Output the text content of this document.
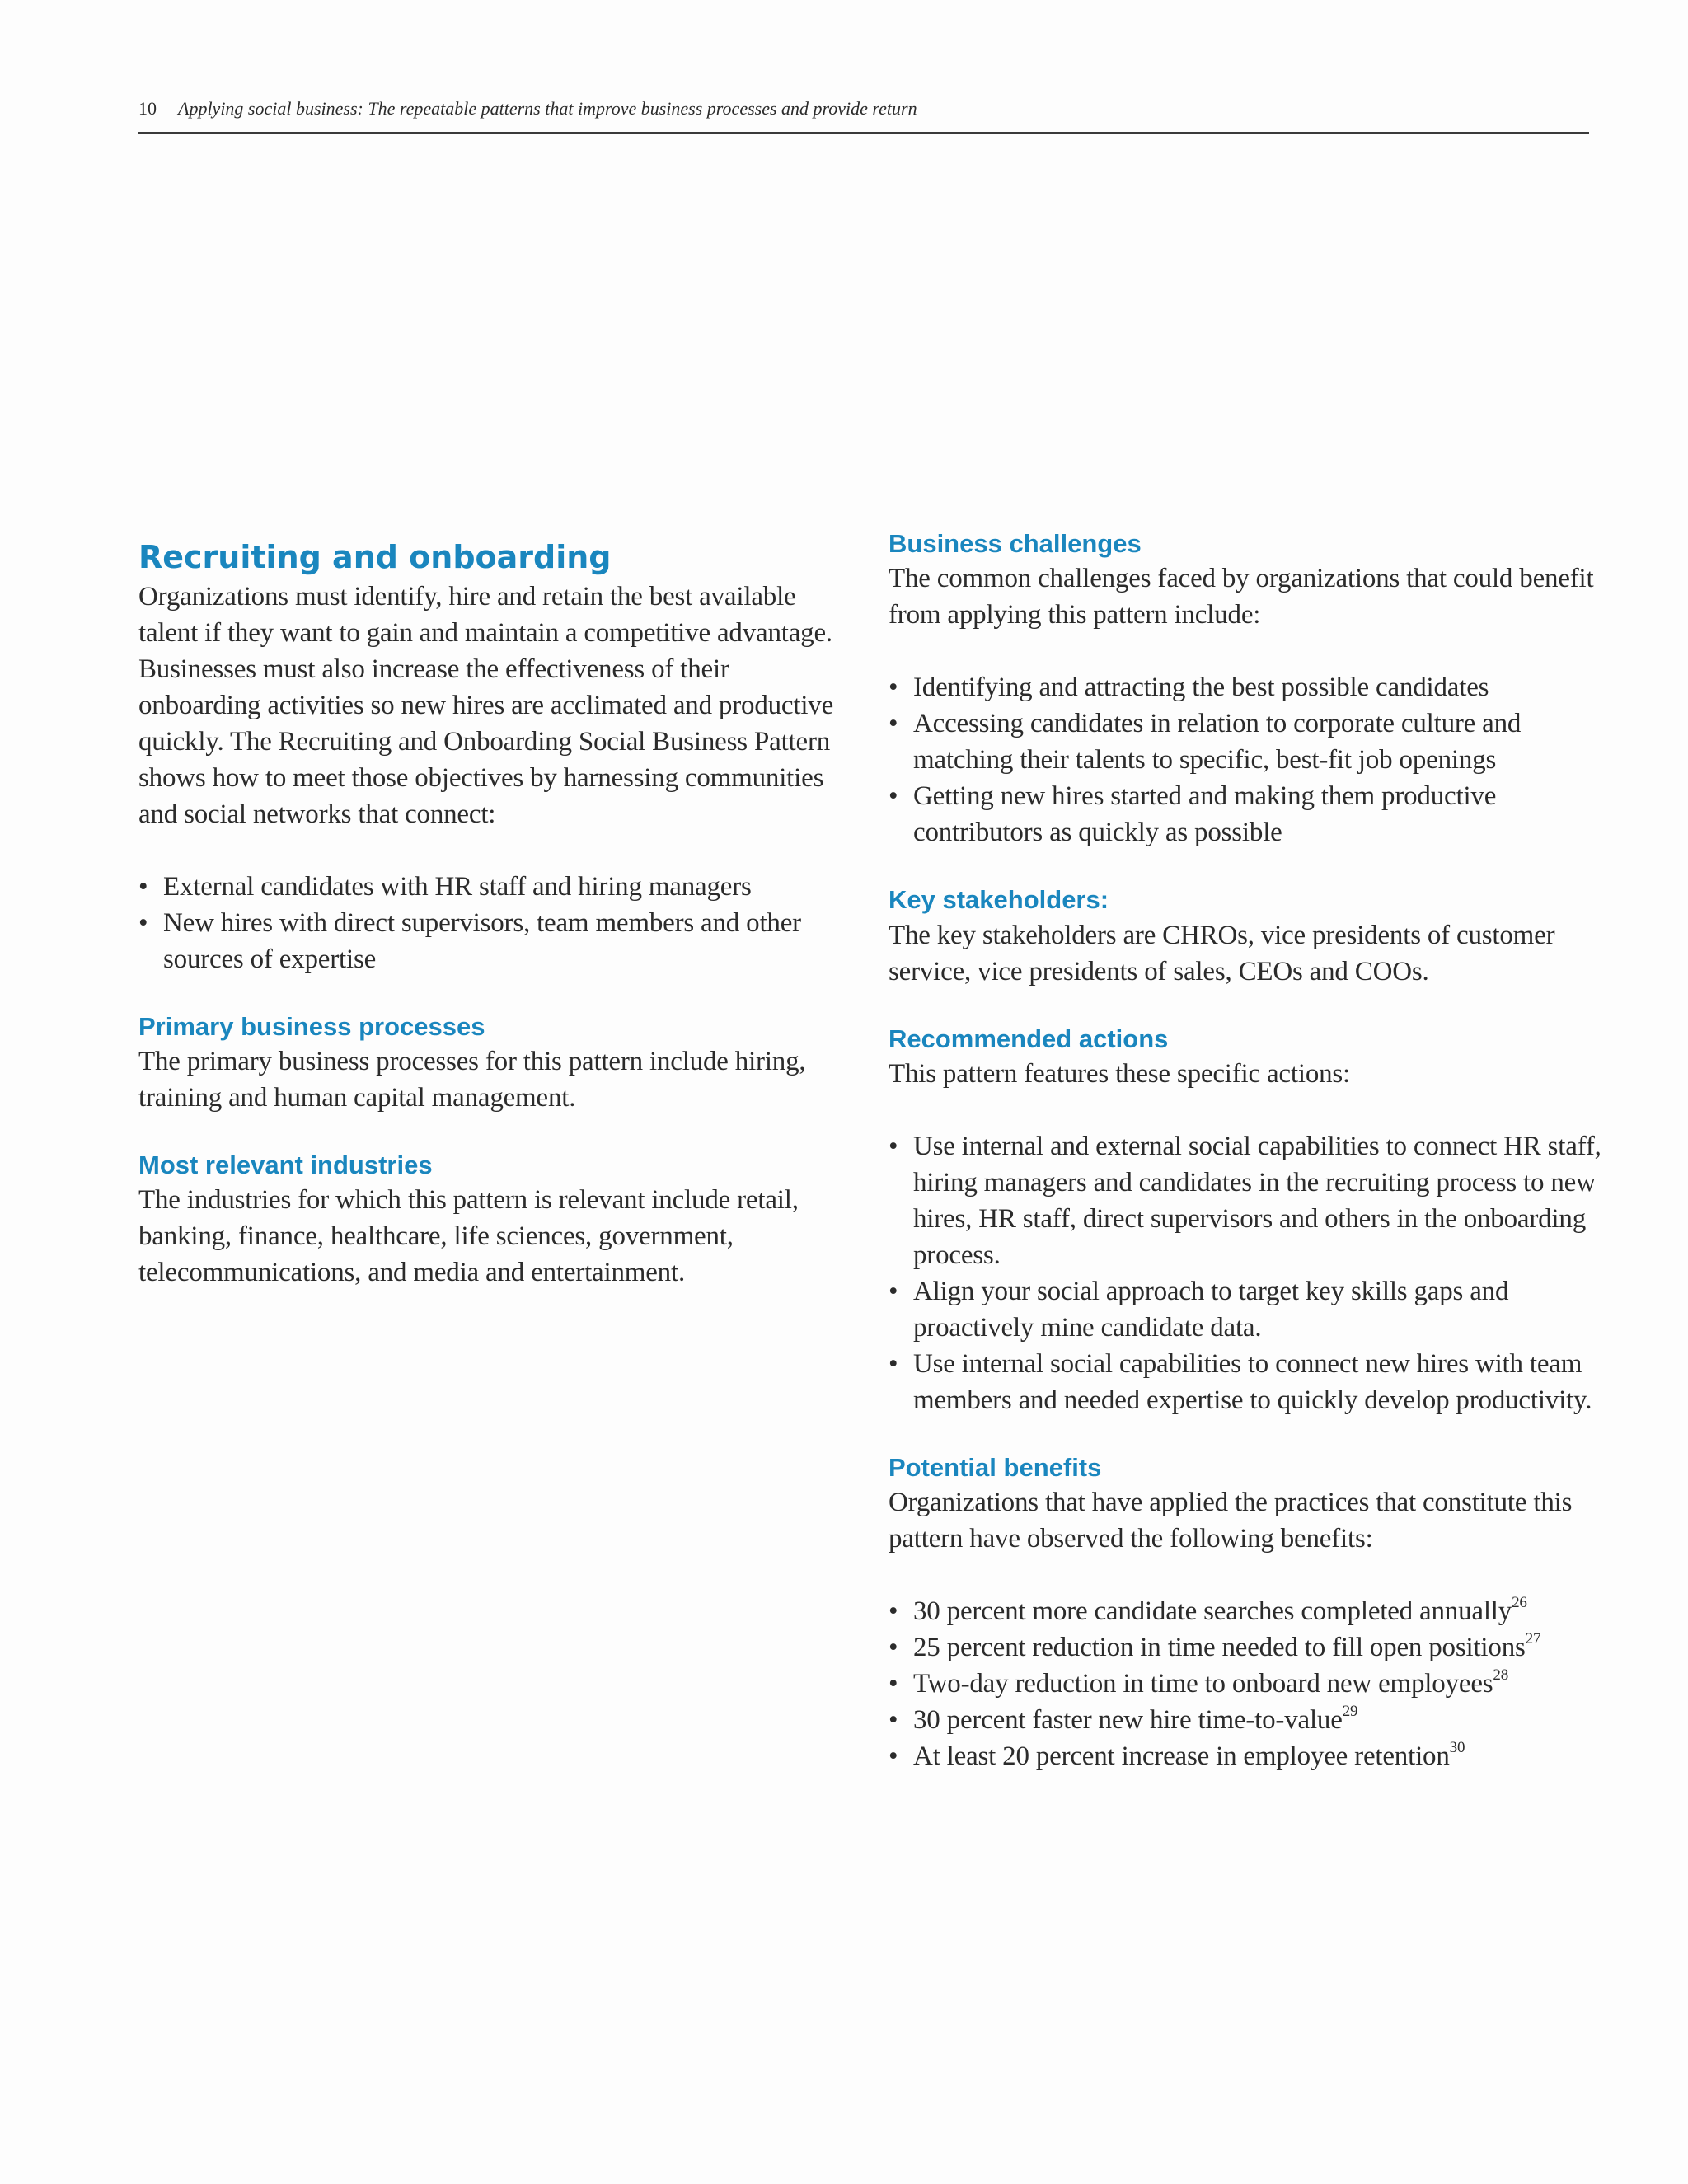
10 Applying social business: The repeatable patterns that improve business processes and provide return
Recruiting and onboarding

Organizations must identify, hire and retain the best available talent if they want to gain and maintain a competitive advantage. Businesses must also increase the effectiveness of their onboarding activities so new hires are acclimated and productive quickly. The Recruiting and Onboarding Social Business Pattern shows how to meet those objectives by harnessing communities and social networks that connect:

• External candidates with HR staff and hiring managers
• New hires with direct supervisors, team members and other sources of expertise
Primary business processes

The primary business processes for this pattern include hiring, training and human capital management.

Most relevant industries

The industries for which this pattern is relevant include retail, banking, finance, healthcare, life sciences, government, telecommunications, and media and entertainment.

Business challenges

The common challenges faced by organizations that could benefit from applying this pattern include:

• Identifying and attracting the best possible candidates
• Accessing candidates in relation to corporate culture and matching their talents to specific, best-fit job openings
• Getting new hires started and making them productive contributors as quickly as possible
Key stakeholders:

The key stakeholders are CHROs, vice presidents of customer service, vice presidents of sales, CEOs and COOs.

Recommended actions

This pattern features these specific actions:

• Use internal and external social capabilities to connect HR staff, hiring managers and candidates in the recruiting process to new hires, HR staff, direct supervisors and others in the onboarding process.
• Align your social approach to target key skills gaps and proactively mine candidate data.
• Use internal social capabilities to connect new hires with team members and needed expertise to quickly develop productivity.
Potential benefits

Organizations that have applied the practices that constitute this pattern have observed the following benefits:

• 30 percent more candidate searches completed annually$^{26}$
• 25 percent reduction in time needed to fill open positions$^{27}$
• Two-day reduction in time to onboard new employees$^{28}$
• 30 percent faster new hire time-to-value$^{29}$
• At least 20 percent increase in employee retention$^{30}$
